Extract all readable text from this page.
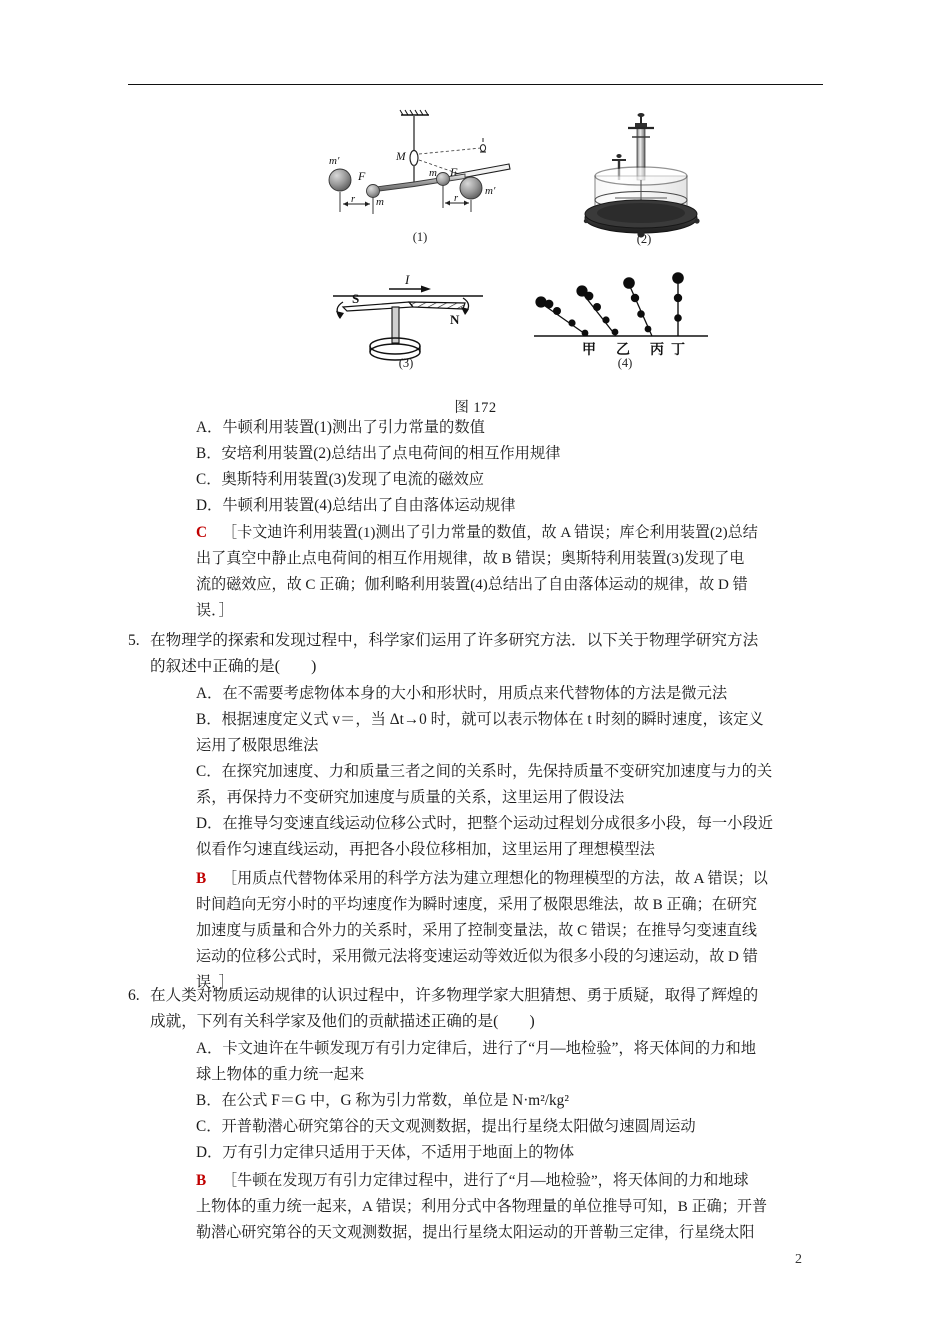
M
m
m′
F
r
m
m′
F
r
(1)	(2)
I
S
N
(3)
甲 乙 丙 丁
(4)
图 172
A．牛顿利用装置(1)测出了引力常量的数值
B．安培利用装置(2)总结出了点电荷间的相互作用规律
C．奥斯特利用装置(3)发现了电流的磁效应
D．牛顿利用装置(4)总结出了自由落体运动规律
C ［卡文迪许利用装置(1)测出了引力常量的数值，故 A 错误；库仑利用装置(2)总结
出了真空中静止点电荷间的相互作用规律，故 B 错误；奥斯特利用装置(3)发现了电
流的磁效应，故 C 正确；伽利略利用装置(4)总结出了自由落体运动的规律，故 D 错
误．］
5. 在物理学的探索和发现过程中，科学家们运用了许多研究方法．以下关于物理学研究方法
的叙述中正确的是(　　)
A．在不需要考虑物体本身的大小和形状时，用质点来代替物体的方法是微元法
B．根据速度定义式 v＝，当 Δt→0 时，就可以表示物体在 t 时刻的瞬时速度，该定义
运用了极限思维法
C．在探究加速度、力和质量三者之间的关系时，先保持质量不变研究加速度与力的关
系，再保持力不变研究加速度与质量的关系，这里运用了假设法
D．在推导匀变速直线运动位移公式时，把整个运动过程划分成很多小段，每一小段近
似看作匀速直线运动，再把各小段位移相加，这里运用了理想模型法
B ［用质点代替物体采用的科学方法为建立理想化的物理模型的方法，故 A 错误；以
时间趋向无穷小时的平均速度作为瞬时速度，采用了极限思维法，故 B 正确；在研究
加速度与质量和合外力的关系时，采用了控制变量法，故 C 错误；在推导匀变速直线
运动的位移公式时，采用微元法将变速运动等效近似为很多小段的匀速运动，故 D 错
误．］
6. 在人类对物质运动规律的认识过程中，许多物理学家大胆猜想、勇于质疑，取得了辉煌的
成就，下列有关科学家及他们的贡献描述正确的是(　　)
A．卡文迪许在牛顿发现万有引力定律后，进行了“月—地检验”，将天体间的力和地
球上物体的重力统一起来
B．在公式 F＝G 中，G 称为引力常数，单位是 N·m²/kg²
C．开普勒潜心研究第谷的天文观测数据，提出行星绕太阳做匀速圆周运动
D．万有引力定律只适用于天体，不适用于地面上的物体
B ［牛顿在发现万有引力定律过程中，进行了“月—地检验”，将天体间的力和地球
上物体的重力统一起来，A 错误；利用分式中各物理量的单位推导可知，B 正确；开普
勒潜心研究第谷的天文观测数据，提出行星绕太阳运动的开普勒三定律，行星绕太阳
2
